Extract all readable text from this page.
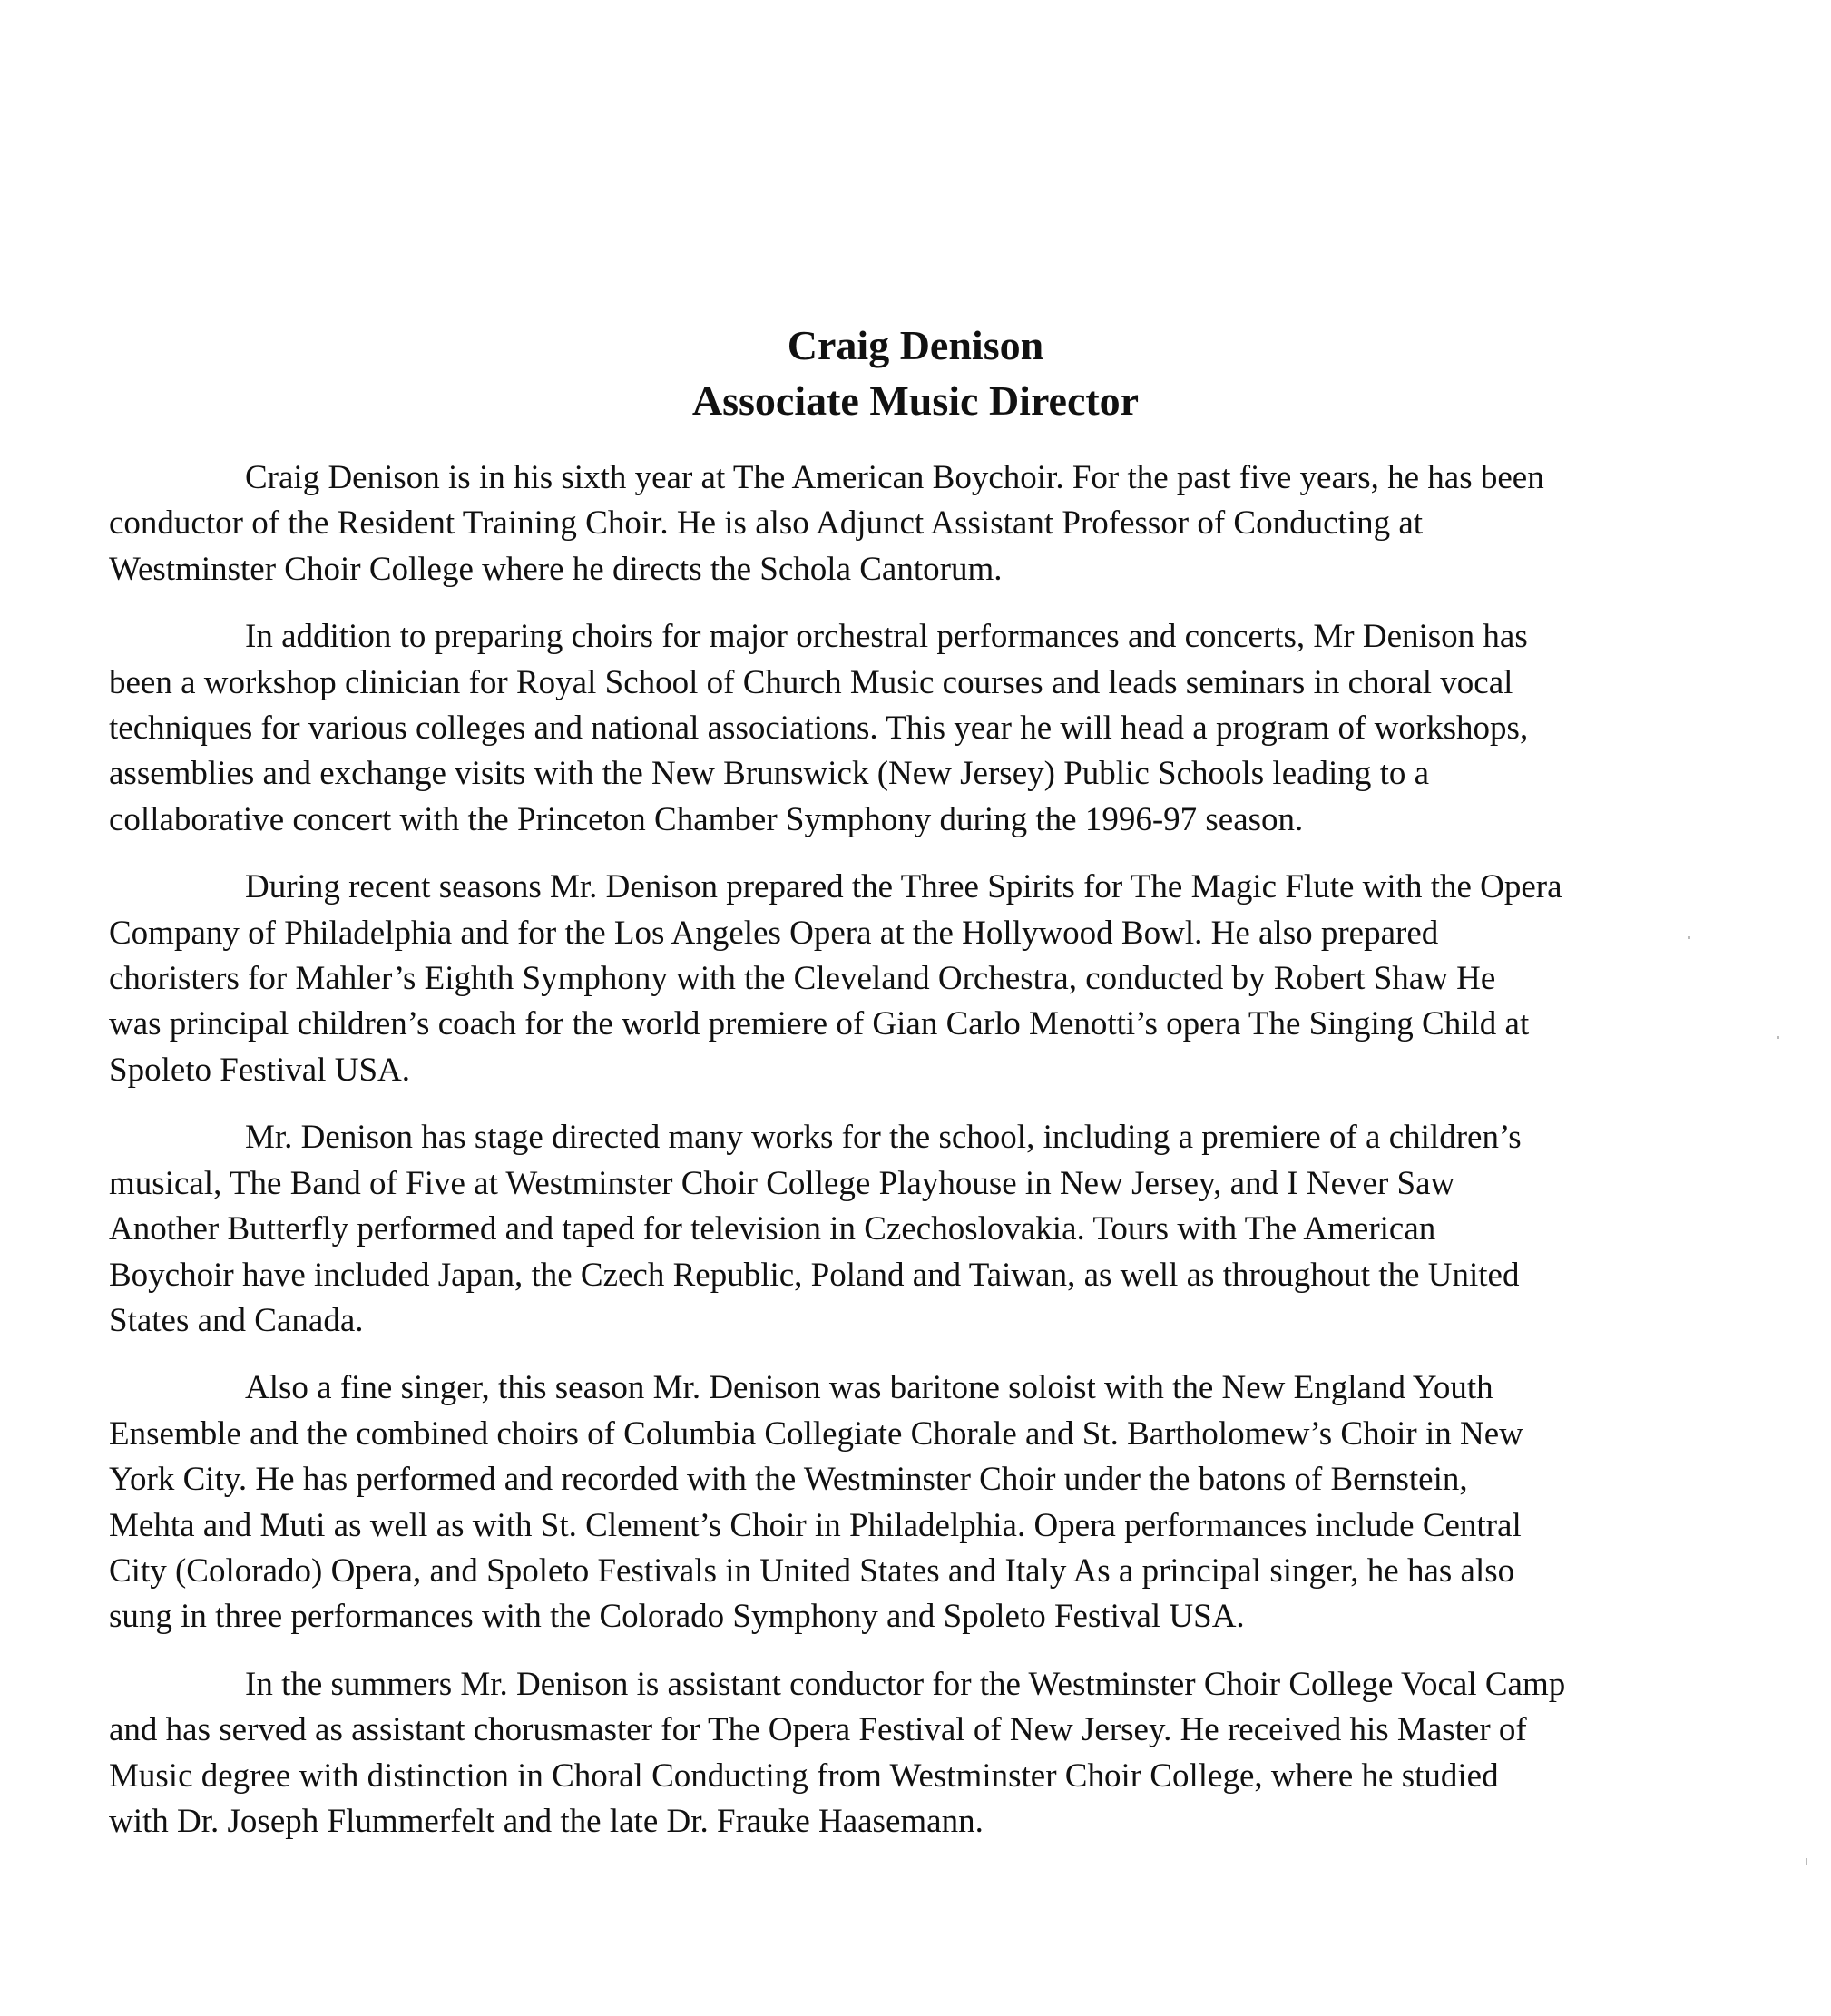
Craig Denison
Associate Music Director

Craig Denison is in his sixth year at The American Boychoir. For the past five years, he has been
conductor of the Resident Training Choir. He is also Adjunct Assistant Professor of Conducting at
Westminster Choir College where he directs the Schola Cantorum.

In addition to preparing choirs for major orchestral performances and concerts, Mr Denison has
been a workshop clinician for Royal School of Church Music courses and leads seminars in choral vocal
techniques for various colleges and national associations. This year he will head a program of workshops,
assemblies and exchange visits with the New Brunswick (New Jersey) Public Schools leading to a
collaborative concert with the Princeton Chamber Symphony during the 1996-97 season.

During recent seasons Mr. Denison prepared the Three Spirits for The Magic Flute with the Opera
Company of Philadelphia and for the Los Angeles Opera at the Hollywood Bowl. He also prepared
choristers for Mahler’s Eighth Symphony with the Cleveland Orchestra, conducted by Robert Shaw He
was principal children’s coach for the world premiere of Gian Carlo Menotti’s opera The Singing Child at
Spoleto Festival USA.

Mr. Denison has stage directed many works for the school, including a premiere of a children’s
musical, The Band of Five at Westminster Choir College Playhouse in New Jersey, and I Never Saw
Another Butterfly performed and taped for television in Czechoslovakia. Tours with The American
Boychoir have included Japan, the Czech Republic, Poland and Taiwan, as well as throughout the United
States and Canada.

Also a fine singer, this season Mr. Denison was baritone soloist with the New England Youth
Ensemble and the combined choirs of Columbia Collegiate Chorale and St. Bartholomew’s Choir in New
York City. He has performed and recorded with the Westminster Choir under the batons of Bernstein,
Mehta and Muti as well as with St. Clement’s Choir in Philadelphia. Opera performances include Central
City (Colorado) Opera, and Spoleto Festivals in United States and Italy As a principal singer, he has also
sung in three performances with the Colorado Symphony and Spoleto Festival USA.

In the summers Mr. Denison is assistant conductor for the Westminster Choir College Vocal Camp
and has served as assistant chorusmaster for The Opera Festival of New Jersey. He received his Master of
Music degree with distinction in Choral Conducting from Westminster Choir College, where he studied
with Dr. Joseph Flummerfelt and the late Dr. Frauke Haasemann.
